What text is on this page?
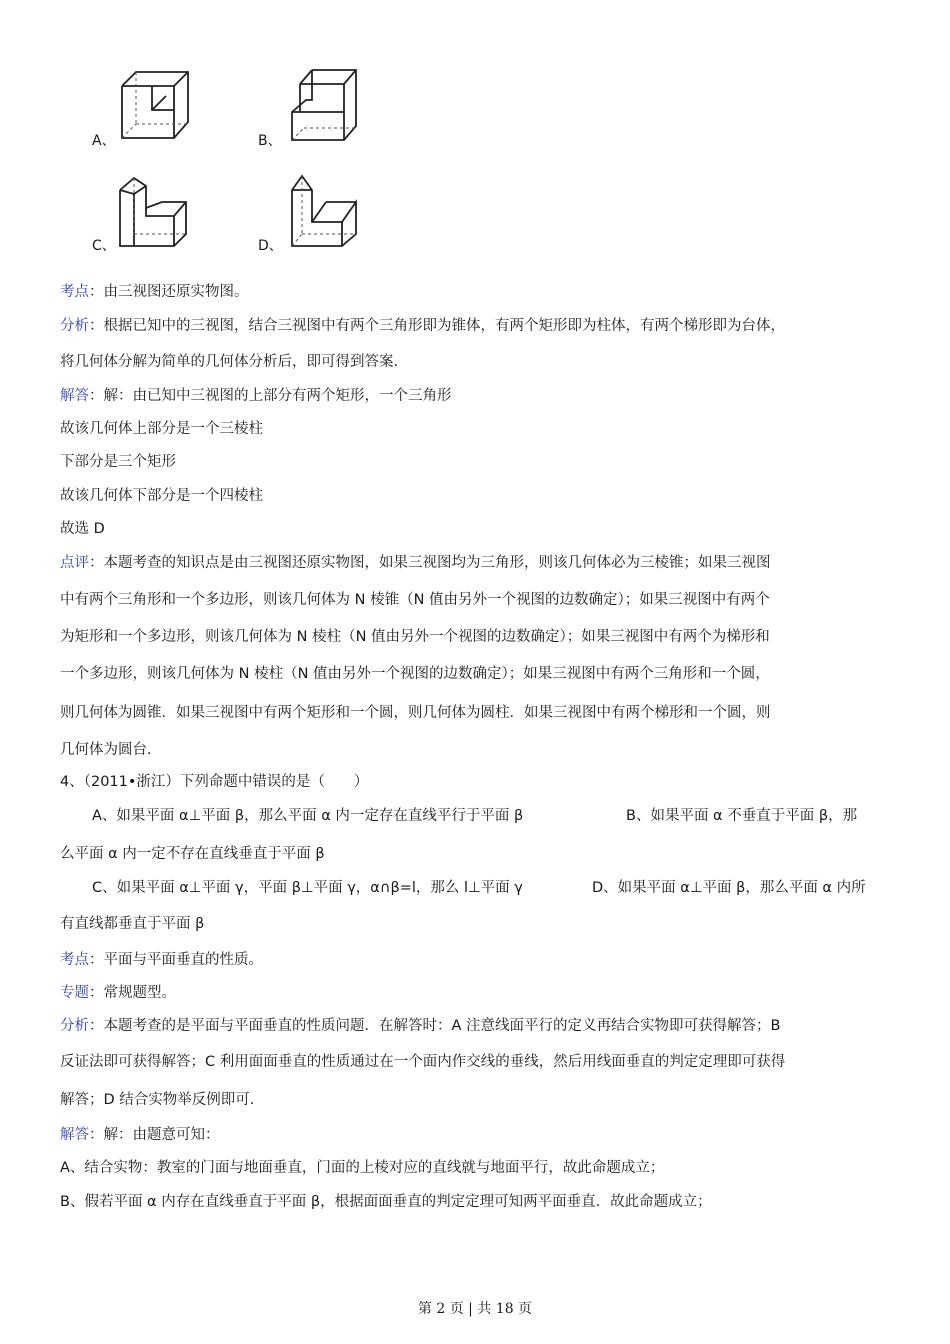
A、	B、
C、	D、
考点：由三视图还原实物图。
分析：根据已知中的三视图，结合三视图中有两个三角形即为锥体，有两个矩形即为柱体，有两个梯形即为台体，
将几何体分解为简单的几何体分析后，即可得到答案.
解答：解：由已知中三视图的上部分有两个矩形，一个三角形
故该几何体上部分是一个三棱柱
下部分是三个矩形
故该几何体下部分是一个四棱柱
故选 D
点评：本题考查的知识点是由三视图还原实物图，如果三视图均为三角形，则该几何体必为三棱锥；如果三视图
中有两个三角形和一个多边形，则该几何体为 N 棱锥（N 值由另外一个视图的边数确定）；如果三视图中有两个
为矩形和一个多边形，则该几何体为 N 棱柱（N 值由另外一个视图的边数确定）；如果三视图中有两个为梯形和
一个多边形，则该几何体为 N 棱柱（N 值由另外一个视图的边数确定）；如果三视图中有两个三角形和一个圆，
则几何体为圆锥．如果三视图中有两个矩形和一个圆，则几何体为圆柱．如果三视图中有两个梯形和一个圆，则
几何体为圆台.
4、（2011•浙江）下列命题中错误的是（　　）
A、如果平面 α⊥平面 β，那么平面 α 内一定存在直线平行于平面 β	B、如果平面 α 不垂直于平面 β，那
么平面 α 内一定不存在直线垂直于平面 β
C、如果平面 α⊥平面 γ，平面 β⊥平面 γ，α∩β=l，那么 l⊥平面 γ	D、如果平面 α⊥平面 β，那么平面 α 内所
有直线都垂直于平面 β
考点：平面与平面垂直的性质。
专题：常规题型。
分析：本题考查的是平面与平面垂直的性质问题．在解答时：A 注意线面平行的定义再结合实物即可获得解答；B
反证法即可获得解答；C 利用面面垂直的性质通过在一个面内作交线的垂线，然后用线面垂直的判定定理即可获得
解答；D 结合实物举反例即可.
解答：解：由题意可知：
A、结合实物：教室的门面与地面垂直，门面的上棱对应的直线就与地面平行，故此命题成立；
B、假若平面 α 内存在直线垂直于平面 β，根据面面垂直的判定定理可知两平面垂直．故此命题成立；
第 2 页 | 共 18 页
